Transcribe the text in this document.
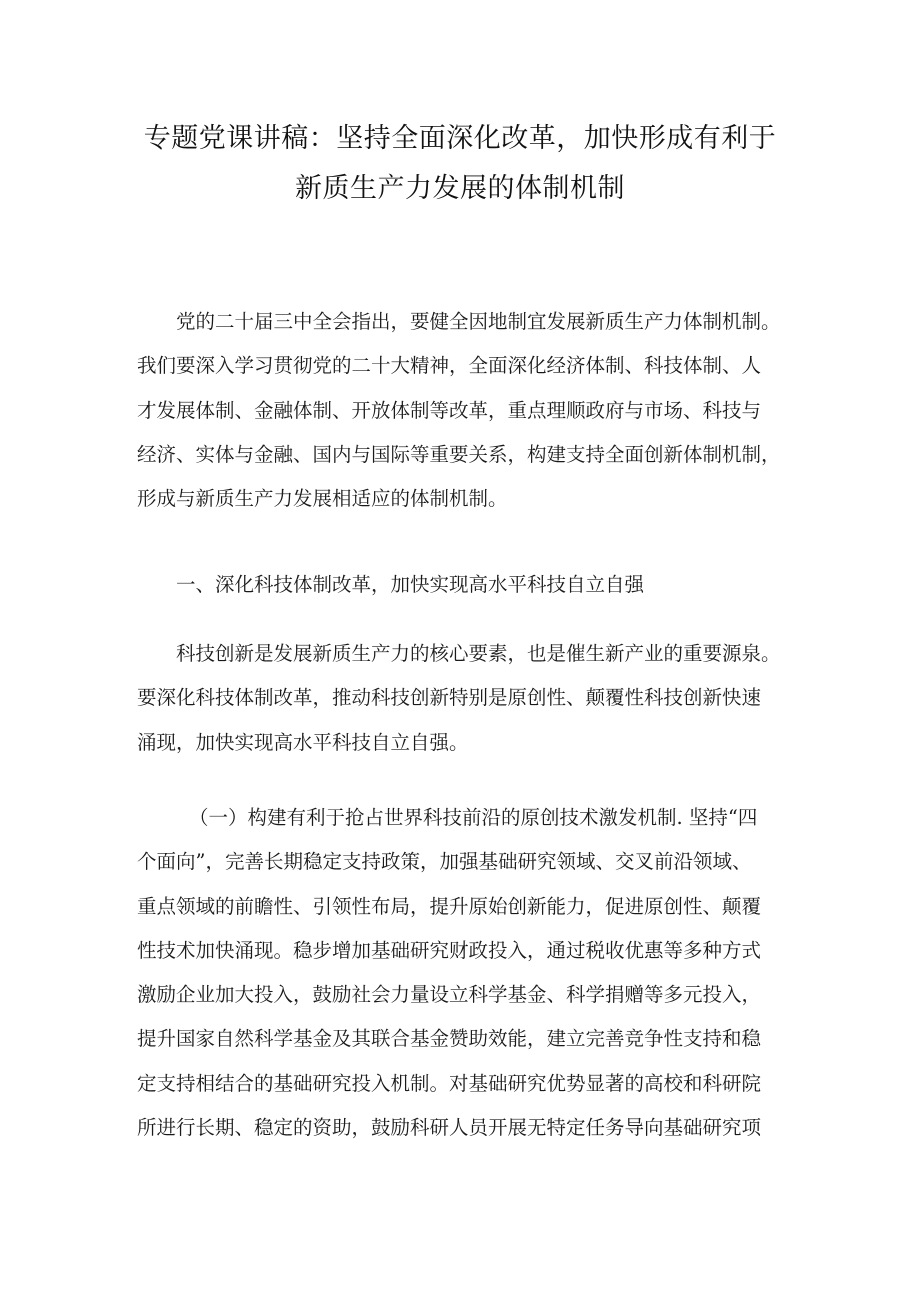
专题党课讲稿：坚持全面深化改革，加快形成有利于
新质生产力发展的体制机制
党的二十届三中全会指出，要健全因地制宜发展新质生产力体制机制。
我们要深入学习贯彻党的二十大精神，全面深化经济体制、科技体制、人
才发展体制、金融体制、开放体制等改革，重点理顺政府与市场、科技与
经济、实体与金融、国内与国际等重要关系，构建支持全面创新体制机制，
形成与新质生产力发展相适应的体制机制。
一、深化科技体制改革，加快实现高水平科技自立自强
科技创新是发展新质生产力的核心要素，也是催生新产业的重要源泉。
要深化科技体制改革，推动科技创新特别是原创性、颠覆性科技创新快速
涌现，加快实现高水平科技自立自强。
（一）构建有利于抢占世界科技前沿的原创技术激发机制. 坚持“四
个面向”，完善长期稳定支持政策，加强基础研究领域、交叉前沿领域、
重点领域的前瞻性、引领性布局，提升原始创新能力，促进原创性、颠覆
性技术加快涌现。稳步增加基础研究财政投入，通过税收优惠等多种方式
激励企业加大投入，鼓励社会力量设立科学基金、科学捐赠等多元投入，
提升国家自然科学基金及其联合基金赞助效能，建立完善竞争性支持和稳
定支持相结合的基础研究投入机制。对基础研究优势显著的高校和科研院
所进行长期、稳定的资助，鼓励科研人员开展无特定任务导向基础研究项
